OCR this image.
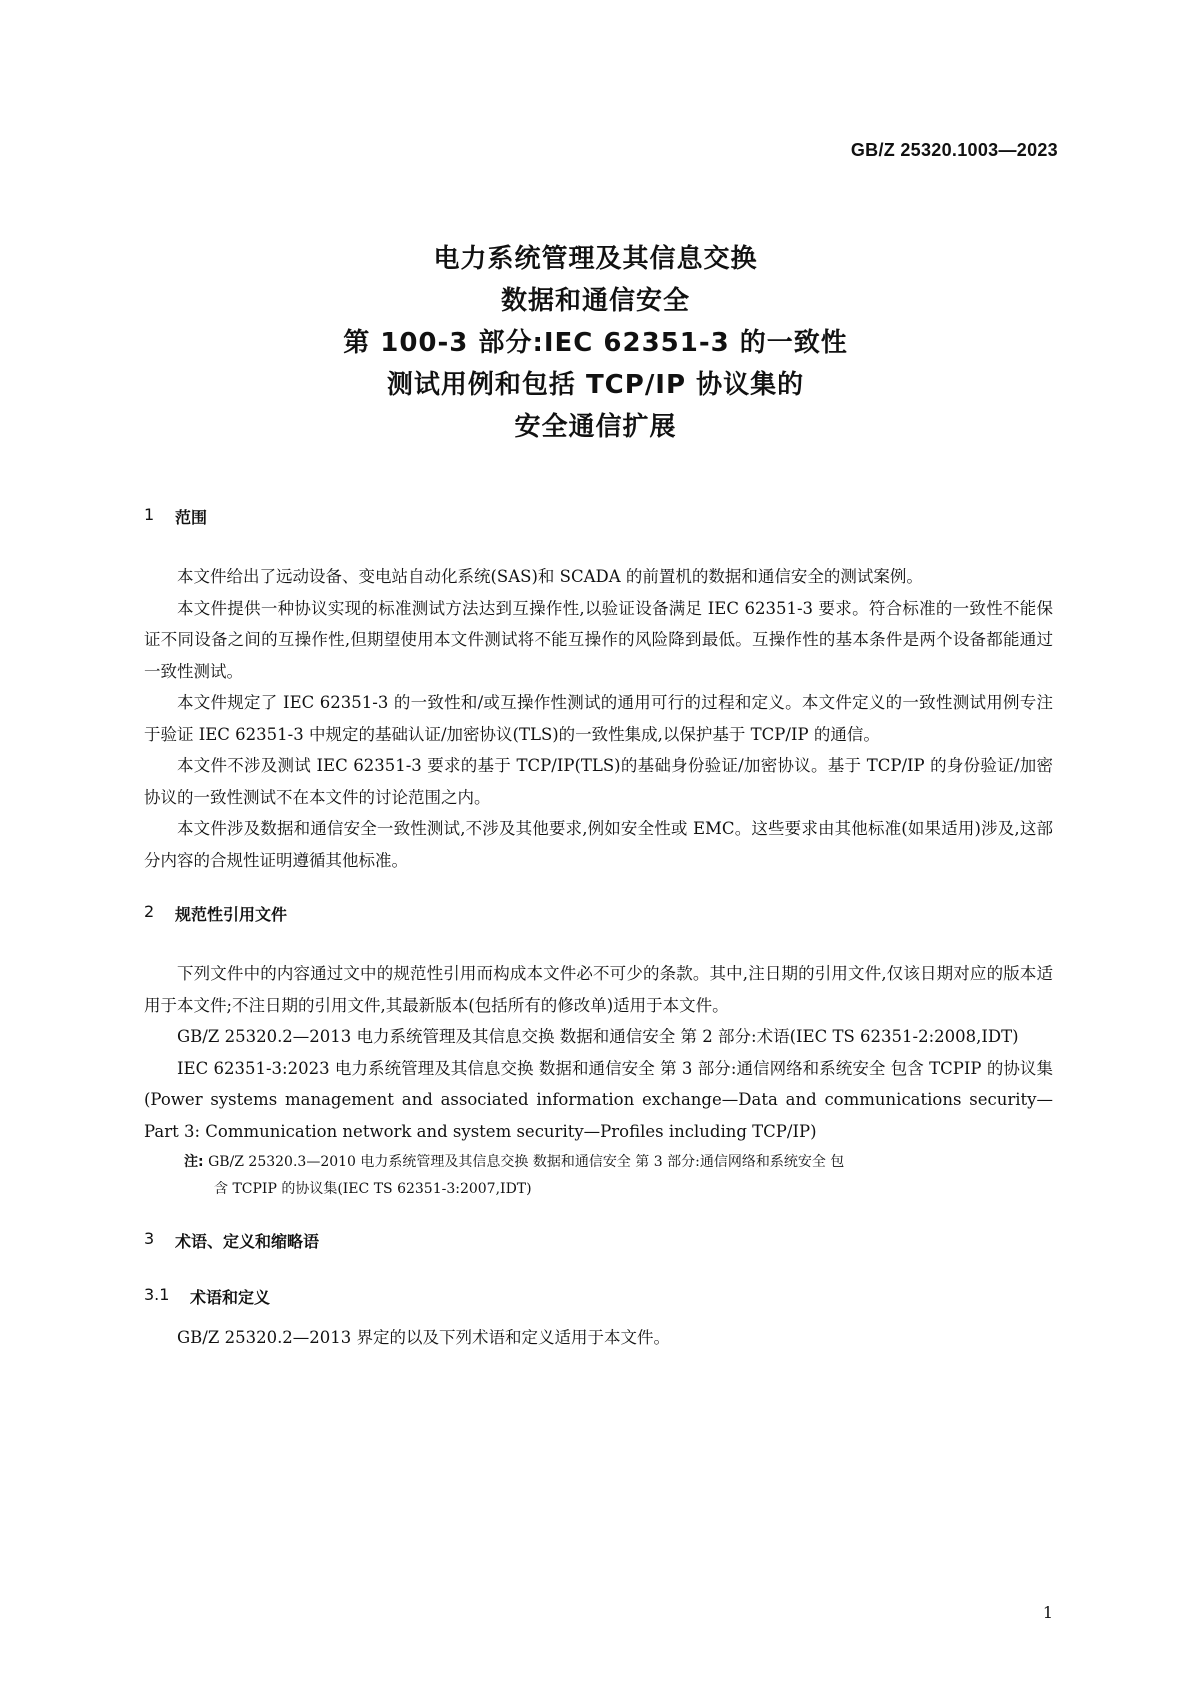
GB/Z 25320.1003—2023
电力系统管理及其信息交换
数据和通信安全
第 100-3 部分:IEC 62351-3 的一致性
测试用例和包括 TCP/IP 协议集的
安全通信扩展
1	范围

本文件给出了远动设备、变电站自动化系统(SAS)和 SCADA 的前置机的数据和通信安全的测试案例。

本文件提供一种协议实现的标准测试方法达到互操作性,以验证设备满足 IEC 62351-3 要求。符合标准的一致性不能保证不同设备之间的互操作性,但期望使用本文件测试将不能互操作的风险降到最低。互操作性的基本条件是两个设备都能通过一致性测试。

本文件规定了 IEC 62351-3 的一致性和/或互操作性测试的通用可行的过程和定义。本文件定义的一致性测试用例专注于验证 IEC 62351-3 中规定的基础认证/加密协议(TLS)的一致性集成,以保护基于 TCP/IP 的通信。

本文件不涉及测试 IEC 62351-3 要求的基于 TCP/IP(TLS)的基础身份验证/加密协议。基于 TCP/IP 的身份验证/加密协议的一致性测试不在本文件的讨论范围之内。

本文件涉及数据和通信安全一致性测试,不涉及其他要求,例如安全性或 EMC。这些要求由其他标准(如果适用)涉及,这部分内容的合规性证明遵循其他标准。

2	规范性引用文件

下列文件中的内容通过文中的规范性引用而构成本文件必不可少的条款。其中,注日期的引用文件,仅该日期对应的版本适用于本文件;不注日期的引用文件,其最新版本(包括所有的修改单)适用于本文件。

GB/Z 25320.2—2013 电力系统管理及其信息交换 数据和通信安全 第 2 部分:术语(IEC TS 62351-2:2008,IDT)

IEC 62351-3:2023 电力系统管理及其信息交换 数据和通信安全 第 3 部分:通信网络和系统安全 包含 TCPIP 的协议集(Power systems management and associated information exchange—Data and communications security—Part 3: Communication network and system security—Profiles including TCP/IP)

注: GB/Z 25320.3—2010 电力系统管理及其信息交换 数据和通信安全 第 3 部分:通信网络和系统安全 包
含 TCPIP 的协议集(IEC TS 62351-3:2007,IDT)
3	术语、定义和缩略语
3.1	术语和定义

GB/Z 25320.2—2013 界定的以及下列术语和定义适用于本文件。

1
